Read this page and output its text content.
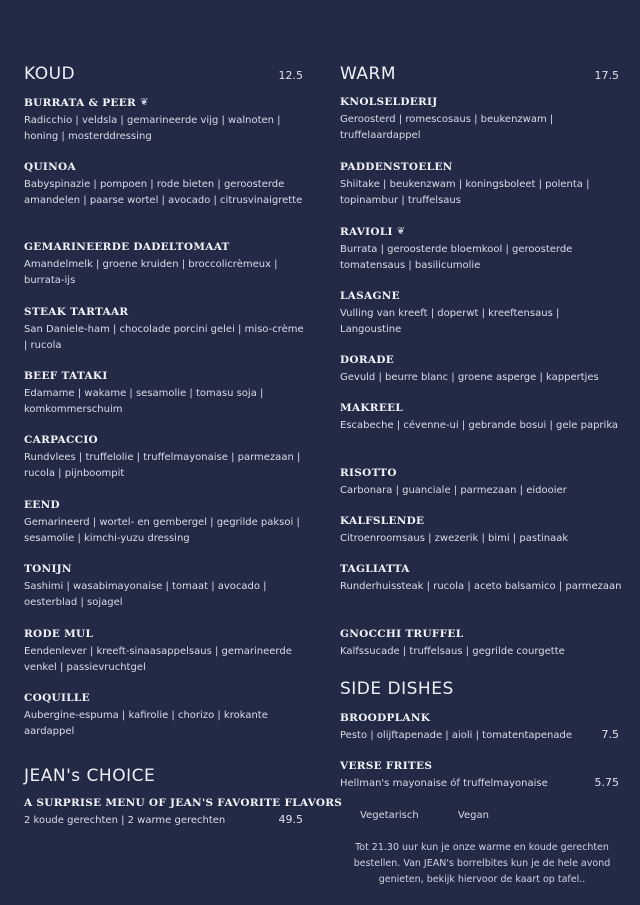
KOUD	12.5
BURRATA & PEER ❦
Radicchio | veldsla | gemarineerde vijg | walnoten | honing | mosterddressing
QUINOA
Babyspinazie | pompoen | rode bieten | geroosterde amandelen | paarse wortel | avocado | citrusvinaigrette
GEMARINEERDE DADELTOMAAT
Amandelmelk | groene kruiden | broccolicrèmeux | burrata-ijs
STEAK TARTAAR
San Daniele-ham | chocolade porcini gelei | miso-crème | rucola
BEEF TATAKI
Edamame | wakame | sesamolie | tomasu soja | komkommerschuim
CARPACCIO
Rundvlees | truffelolie | truffelmayonaise | parmezaan | rucola | pijnboompit
EEND
Gemarineerd | wortel- en gembergel | gegrilde paksoi | sesamolie | kimchi-yuzu dressing
TONIJN
Sashimi | wasabimayonaise | tomaat | avocado | oesterblad | sojagel
RODE MUL
Eendenlever | kreeft-sinaasappelsaus | gemarineerde venkel | passievruchtgel
COQUILLE
Aubergine-espuma | kafirolie | chorizo | krokante aardappel
JEAN's CHOICE
A SURPRISE MENU OF JEAN'S FAVORITE FLAVORS
2 koude gerechten | 2 warme gerechten	49.5
WARM	17.5
KNOLSELDERIJ
Geroosterd | romescosaus | beukenzwam | truffelaardappel
PADDENSTOELEN
Shiitake | beukenzwam | koningsboleet | polenta | topinambur | truffelsaus
RAVIOLI ❦
Burrata | geroosterde bloemkool | geroosterde tomatensaus | basilicumolie
LASAGNE
Vulling van kreeft | doperwt | kreeftensaus | Langoustine
DORADE
Gevuld | beurre blanc | groene asperge | kappertjes
MAKREEL
Escabeche | cévenne-ui | gebrande bosui | gele paprika
RISOTTO
Carbonara | guanciale | parmezaan | eidooier
KALFSLENDE
Citroenroomsaus | zwezerik | bimi | pastinaak
TAGLIATTA
Runderhuissteak | rucola | aceto balsamico | parmezaan
GNOCCHI TRUFFEL
Kalfssucade | truffelsaus | gegrilde courgette
SIDE DISHES
BROODPLANK
Pesto | olijftapenade | aioli | tomatentapenade	7.5
VERSE FRITES
Hellman's mayonaise óf truffelmayonaise	5.75
Vegetarisch	Vegan
Tot 21.30 uur kun je onze warme en koude gerechten bestellen. Van JEAN's borrelbites kun je de hele avond genieten, bekijk hiervoor de kaart op tafel..
